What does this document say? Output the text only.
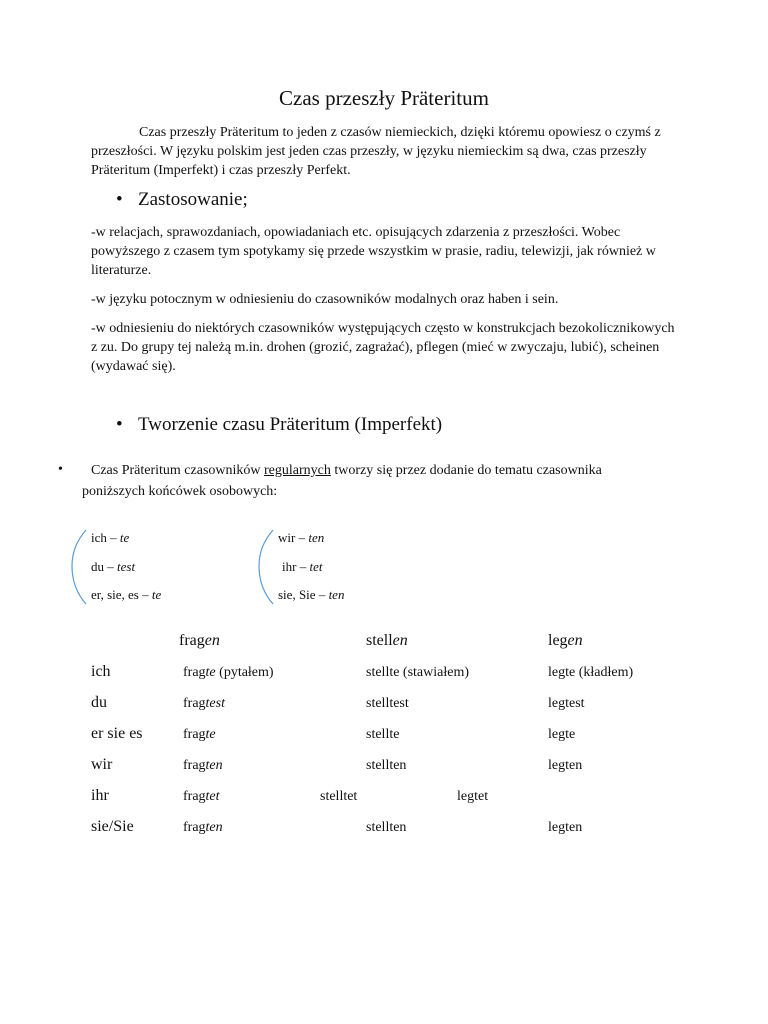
Czas przeszły Präteritum

Czas przeszły Präteritum to jeden z czasów niemieckich, dzięki któremu opowiesz o czymś z przeszłości. W języku polskim jest jeden czas przeszły, w języku niemieckim są dwa, czas przeszły Präteritum (Imperfekt) i czas przeszły Perfekt.

• Zastosowanie;

-w relacjach, sprawozdaniach, opowiadaniach etc. opisujących zdarzenia z przeszłości. Wobec powyższego z czasem tym spotykamy się przede wszystkim w prasie, radiu, telewizji, jak również w literaturze.

-w języku potocznym w odniesieniu do czasowników modalnych oraz haben i sein.

-w odniesieniu do niektórych czasowników występujących często w konstrukcjach bezokolicznikowych z zu. Do grupy tej należą m.in. drohen (grozić, zagrażać), pflegen (mieć w zwyczaju, lubić), scheinen (wydawać się).

• Tworzenie czasu Präteritum (Imperfekt)
• Czas Präteritum czasowników regularnych tworzy się przez dodanie do tematu czasownika
poniższych końcówek osobowych:
ich – te
du – test
er, sie, es – te
wir – ten
ihr – tet
sie, Sie – ten
fragen	stellen	legen
ich	fragte (pytałem)	stellte (stawiałem)	legte (kładłem)
du	fragtest	stelltest	legtest
er sie es	fragte	stellte	legte
wir	fragten	stellten	legten
ihr	fragtet	stelltet	legtet
sie/Sie	fragten	stellten	legten
